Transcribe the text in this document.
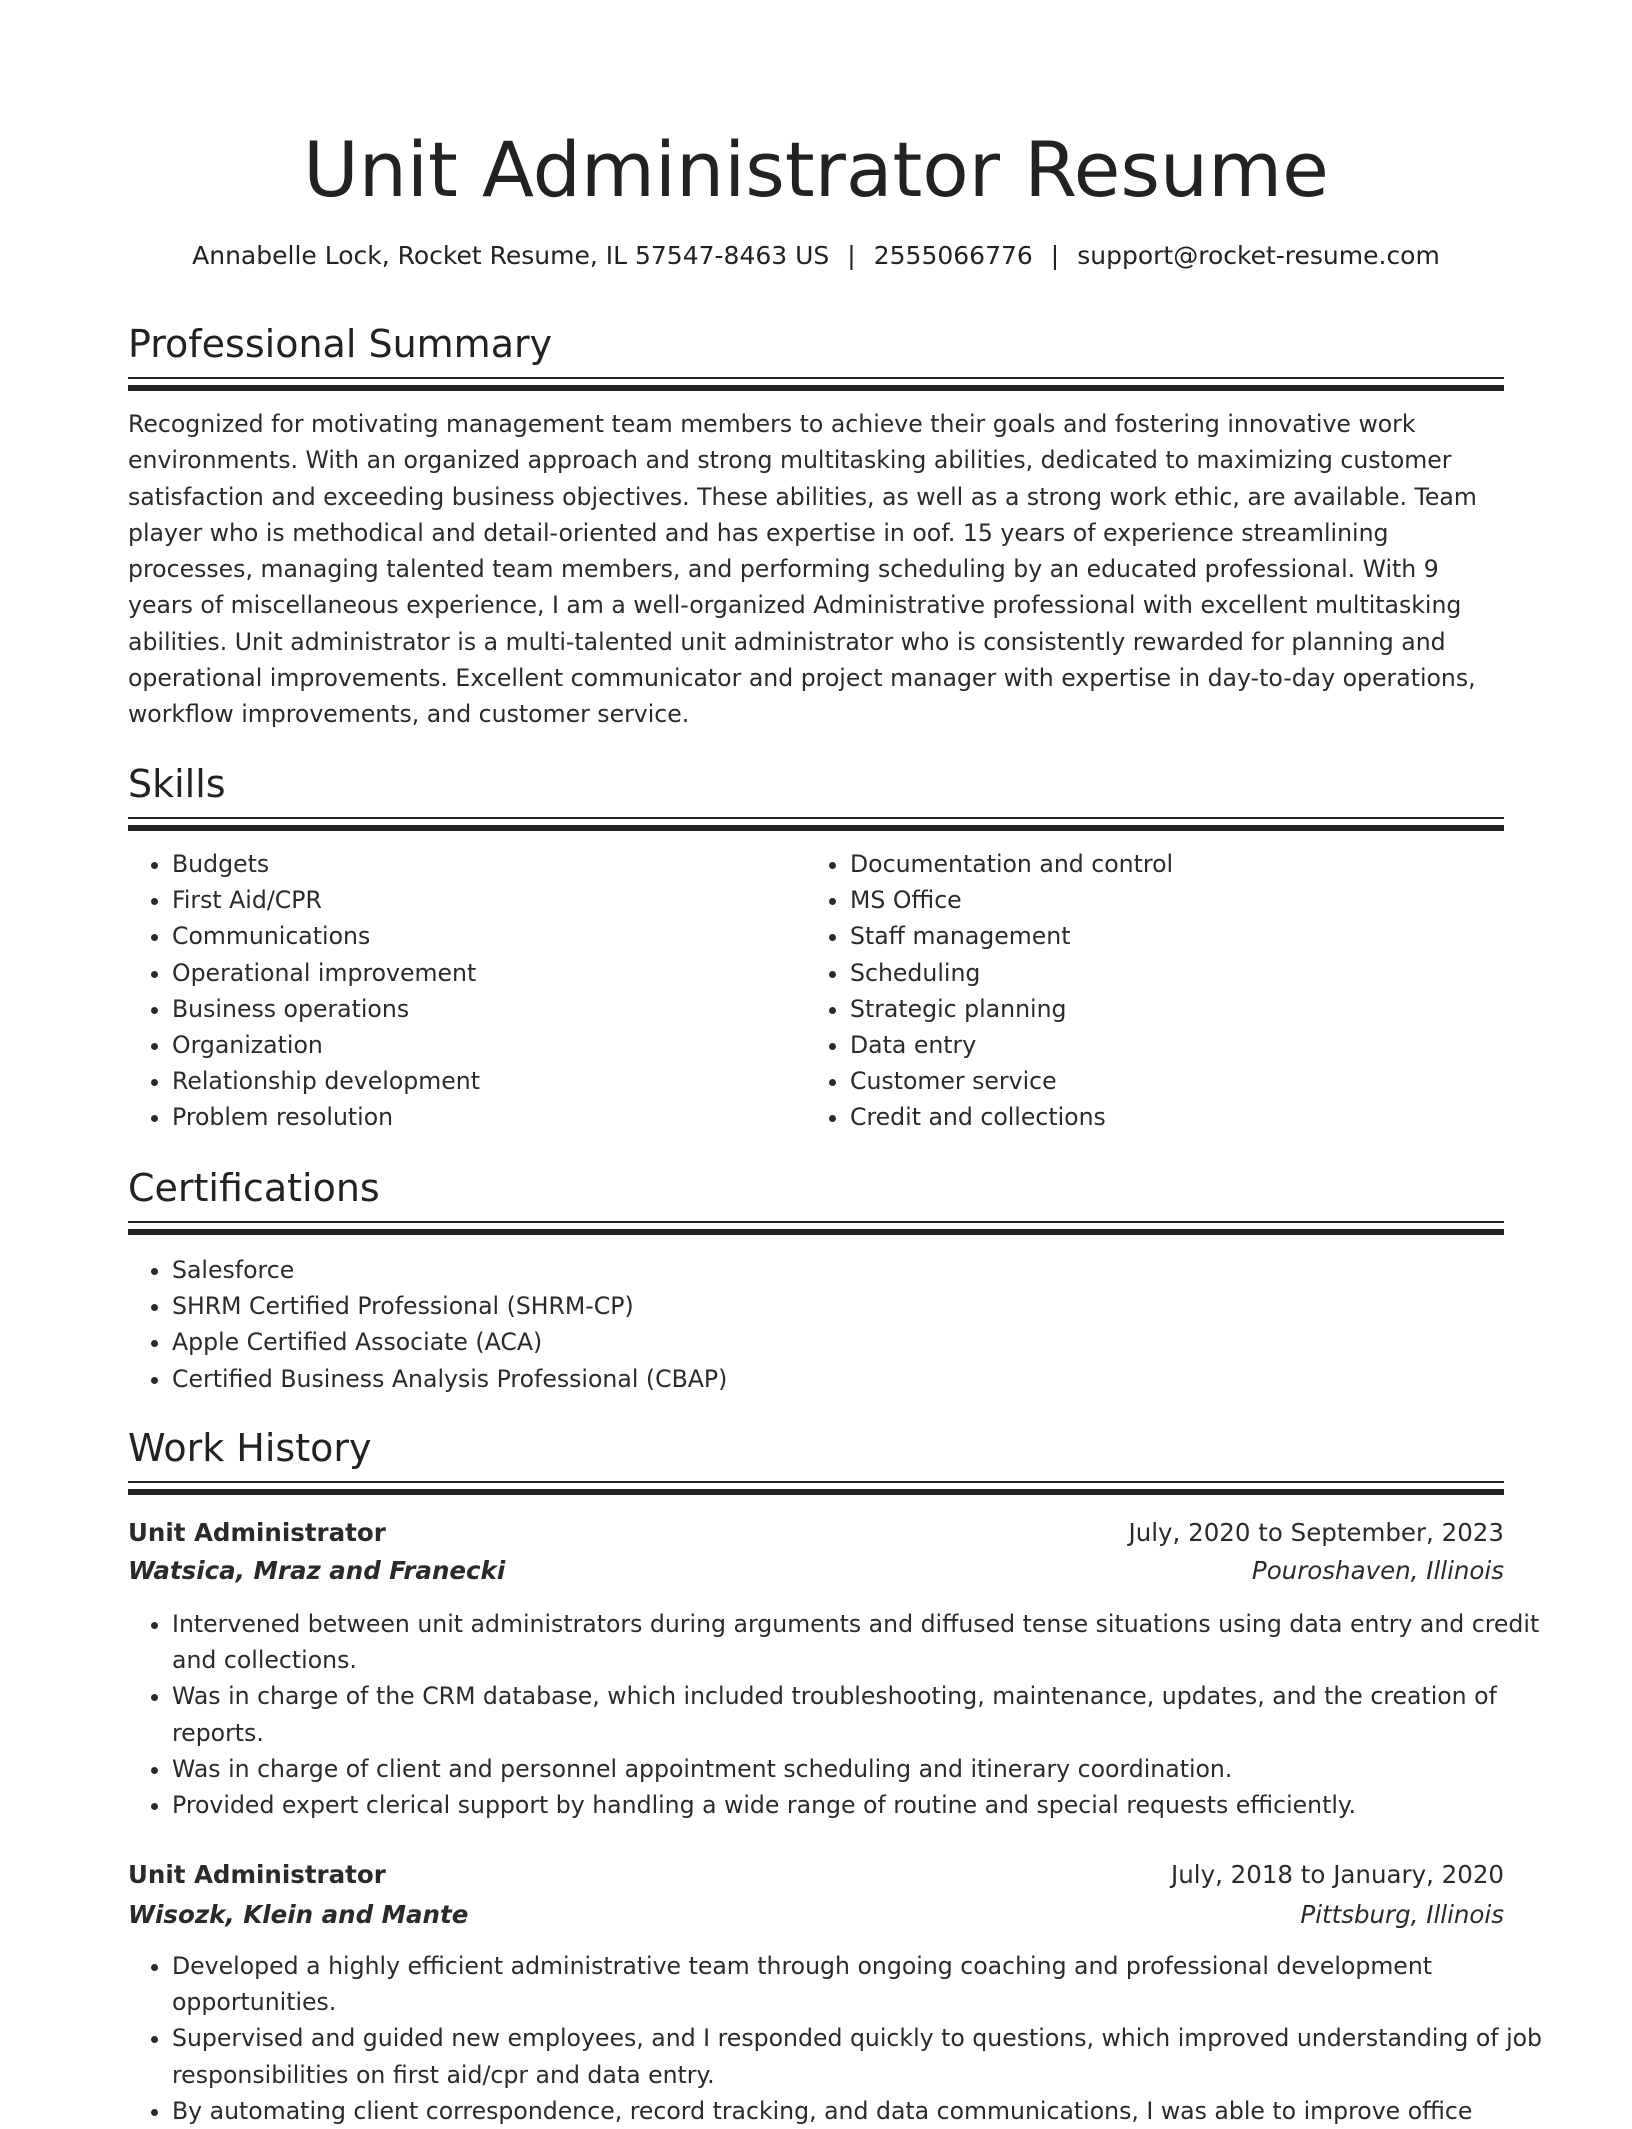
Unit Administrator Resume
Annabelle Lock, Rocket Resume, IL 57547-8463 US | 2555066776 | support@rocket-resume.com
Professional Summary

Recognized for motivating management team members to achieve their goals and fostering innovative work environments. With an organized approach and strong multitasking abilities, dedicated to maximizing customer satisfaction and exceeding business objectives. These abilities, as well as a strong work ethic, are available. Team player who is methodical and detail-oriented and has expertise in oof. 15 years of experience streamlining processes, managing talented team members, and performing scheduling by an educated professional. With 9 years of miscellaneous experience, I am a well-organized Administrative professional with excellent multitasking abilities. Unit administrator is a multi-talented unit administrator who is consistently rewarded for planning and operational improvements. Excellent communicator and project manager with expertise in day-to-day operations, workflow improvements, and customer service.

Skills
• Budgets
• First Aid/CPR
• Communications
• Operational improvement
• Business operations
• Organization
• Relationship development
• Problem resolution
• Documentation and control
• MS Office
• Staff management
• Scheduling
• Strategic planning
• Data entry
• Customer service
• Credit and collections
Certifications
• Salesforce
• SHRM Certified Professional (SHRM-CP)
• Apple Certified Associate (ACA)
• Certified Business Analysis Professional (CBAP)
Work History
Unit Administrator	July, 2020 to September, 2023
Watsica, Mraz and Franecki	Pouroshaven, Illinois
• Intervened between unit administrators during arguments and diffused tense situations using data entry and credit and collections.
• Was in charge of the CRM database, which included troubleshooting, maintenance, updates, and the creation of reports.
• Was in charge of client and personnel appointment scheduling and itinerary coordination.
• Provided expert clerical support by handling a wide range of routine and special requests efficiently.
Unit Administrator	July, 2018 to January, 2020
Wisozk, Klein and Mante	Pittsburg, Illinois
• Developed a highly efficient administrative team through ongoing coaching and professional development opportunities.
• Supervised and guided new employees, and I responded quickly to questions, which improved understanding of job responsibilities on first aid/cpr and data entry.
• By automating client correspondence, record tracking, and data communications, I was able to improve office
